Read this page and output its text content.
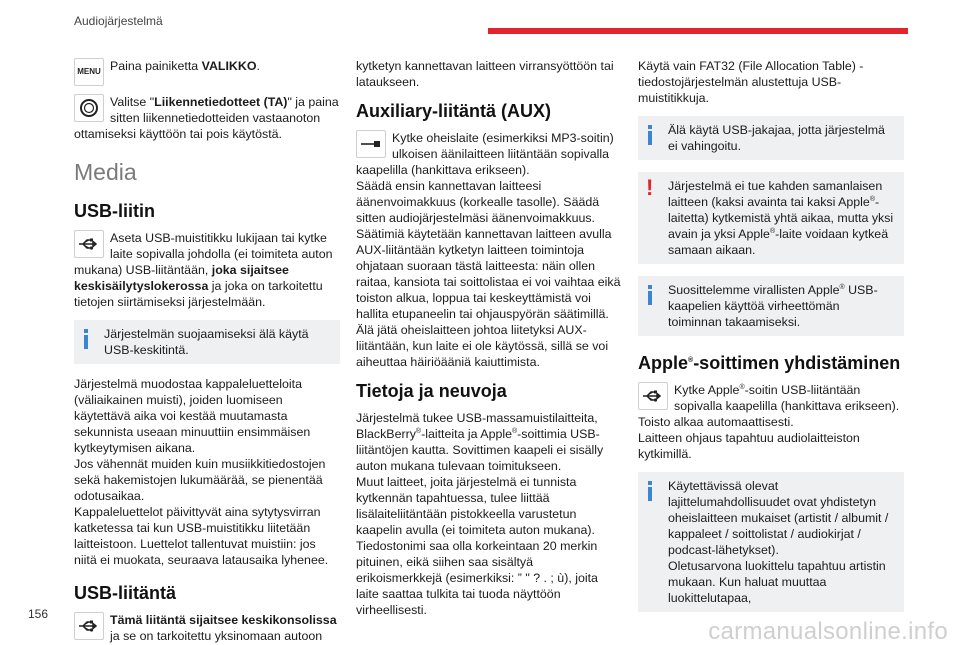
Audiojärjestelmä
MENU Paina painiketta VALIKKO.

Valitse "Liikennetiedotteet (TA)" ja paina sitten liikennetiedotteiden vastaanoton ottamiseksi käyttöön tai pois käytöstä.

Media
USB-liitin

Aseta USB-muistitikku lukijaan tai kytke laite sopivalla johdolla (ei toimiteta auton mukana) USB-liitäntään, joka sijaitsee keskisäilytyslokerossa ja joka on tarkoitettu tietojen siirtämiseksi järjestelmään.

Järjestelmän suojaamiseksi älä käytä USB-keskitintä.

Järjestelmä muodostaa kappaleluetteloita (väliaikainen muisti), joiden luomiseen käytettävä aika voi kestää muutamasta sekunnista useaan minuuttiin ensimmäisen kytkeytymisen aikana.

Jos vähennät muiden kuin musiikkitiedostojen sekä hakemistojen lukumäärää, se pienentää odotusaikaa.

Kappaleluettelot päivittyvät aina sytytysvirran katketessa tai kun USB-muistitikku liitetään laitteistoon. Luettelot tallentuvat muistiin: jos niitä ei muokata, seuraava latausaika lyhenee.

USB-liitäntä

Tämä liitäntä sijaitsee keskikonsolissa ja se on tarkoitettu yksinomaan autoon

kytketyn kannettavan laitteen virransyöttöön tai lataukseen.

Auxiliary-liitäntä (AUX)

Kytke oheislaite (esimerkiksi MP3-soitin) ulkoisen äänilaitteen liitäntään sopivalla kaapelilla (hankittava erikseen).

Säädä ensin kannettavan laitteesi äänenvoimakkuus (korkealle tasolle). Säädä sitten audiojärjestelmäsi äänenvoimakkuus.

Säätimiä käytetään kannettavan laitteen avulla AUX-liitäntään kytketyn laitteen toimintoja ohjataan suoraan tästä laitteesta: näin ollen raitaa, kansiota tai soittolistaa ei voi vaihtaa eikä toiston alkua, loppua tai keskeyttämistä voi hallita etupaneelin tai ohjauspyörän säätimillä.

Älä jätä oheislaitteen johtoa liitetyksi AUX-liitäntään, kun laite ei ole käytössä, sillä se voi aiheuttaa häiriöääniä kaiuttimista.

Tietoja ja neuvoja

Järjestelmä tukee USB-massamuistilaitteita, BlackBerry®-laitteita ja Apple®-soittimia USB-liitäntöjen kautta. Sovittimen kaapeli ei sisälly auton mukana tulevaan toimitukseen.

Muut laitteet, joita järjestelmä ei tunnista kytkennän tapahtuessa, tulee liittää lisälaiteliitäntään pistokkeella varustetun kaapelin avulla (ei toimiteta auton mukana).

Tiedostonimi saa olla korkeintaan 20 merkin pituinen, eikä siihen saa sisältyä erikoismerkkejä (esimerkiksi: ” " ? . ; ù), joita laite saattaa tulkita tai tuoda näyttöön virheellisesti.

Käytä vain FAT32 (File Allocation Table) -tiedostojärjestelmän alustettuja USB-muistitikkuja.

Älä käytä USB-jakajaa, jotta järjestelmä ei vahingoitu.

! Järjestelmä ei tue kahden samanlaisen laitteen (kaksi avainta tai kaksi Apple®-laitetta) kytkemistä yhtä aikaa, mutta yksi avain ja yksi Apple®-laite voidaan kytkeä samaan aikaan.

Suosittelemme virallisten Apple® USB-kaapelien käyttöä virheettömän toiminnan takaamiseksi.

Apple®-soittimen yhdistäminen

Kytke Apple®-soitin USB-liitäntään sopivalla kaapelilla (hankittava erikseen).

Toisto alkaa automaattisesti.

Laitteen ohjaus tapahtuu audiolaitteiston kytkimillä.

Käytettävissä olevat lajittelumahdollisuudet ovat yhdistetyn oheislaitteen mukaiset (artistit / albumit / kappaleet / soittolistat / audiokirjat / podcast-lähetykset).

Oletusarvona luokittelu tapahtuu artistin mukaan. Kun haluat muuttaa luokittelutapaa,

156
carmanualsonline.info
